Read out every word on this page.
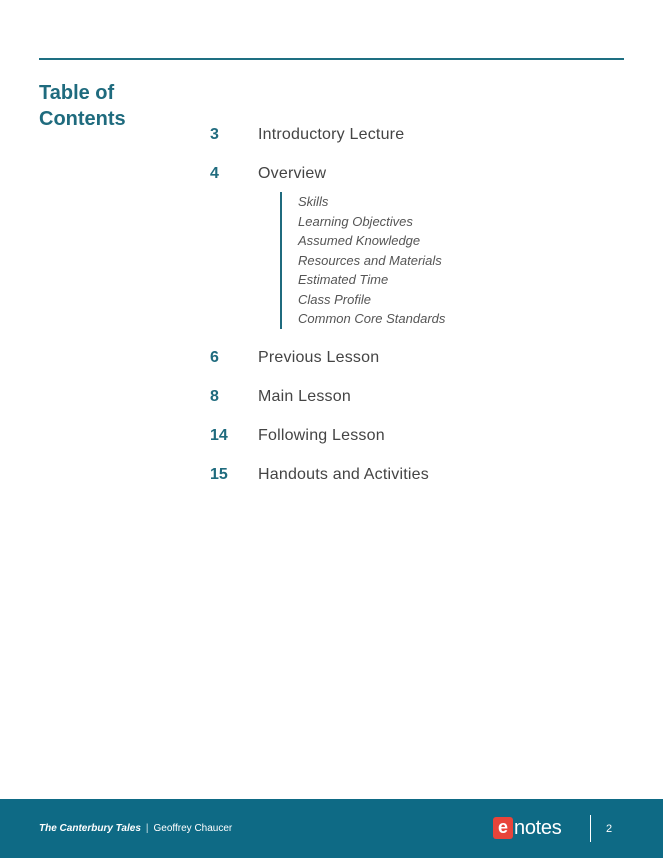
Table of
Contents
3 Introductory Lecture
4 Overview
Skills
Learning Objectives
Assumed Knowledge
Resources and Materials
Estimated Time
Class Profile
Common Core Standards
6 Previous Lesson
8 Main Lesson
14 Following Lesson
15 Handouts and Activities
The Canterbury Tales | Geoffrey Chaucer	e notes	2
